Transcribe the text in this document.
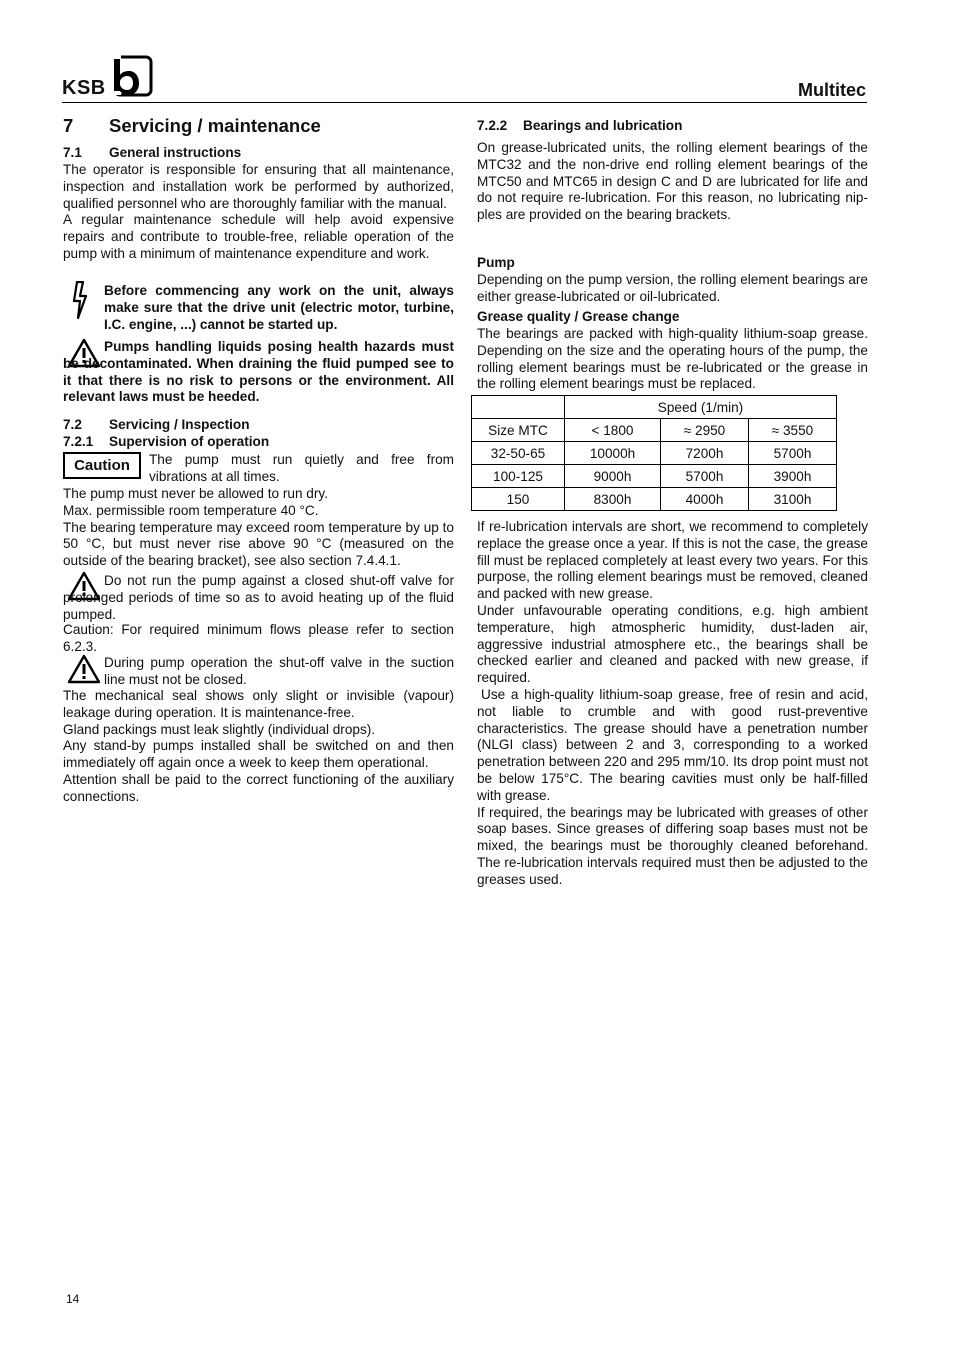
KSB	Multitec
7 Servicing / maintenance
7.1 General instructions

The operator is responsible for ensuring that all maintenance, inspection and installation work be performed by authorized, qualified personnel who are thoroughly familiar with the manual.

A regular maintenance schedule will help avoid expensive repairs and contribute to trouble-free, reliable operation of the pump with a minimum of maintenance expenditure and work.

Before commencing any work on the unit, always make sure that the drive unit (electric motor, turbine, I.C. engine, ...) cannot be started up.
Pumps handling liquids posing health hazards must be decontaminated. When draining the fluid pumped see to it that there is no risk to persons or the environment. All relevant laws must be heeded.
7.2 Servicing / Inspection
7.2.1 Supervision of operation
Caution	The pump must run quietly and free from vibrations at all times.

The pump must never be allowed to run dry.

Max. permissible room temperature 40 °C.

The bearing temperature may exceed room temperature by up to 50 °C, but must never rise above 90 °C (measured on the outside of the bearing bracket), see also section 7.4.4.1.

Do not run the pump against a closed shut-off valve for prolonged periods of time so as to avoid heating up of the fluid pumped.
Caution: For required minimum flows please refer to section 6.2.3.
During pump operation the shut-off valve in the suction line must not be closed.

The mechanical seal shows only slight or invisible (vapour) leakage during operation. It is maintenance-free.

Gland packings must leak slightly (individual drops).

Any stand-by pumps installed shall be switched on and then immediately off again once a week to keep them operational.

Attention shall be paid to the correct functioning of the auxiliary connections.

7.2.2 Bearings and lubrication
On grease-lubricated units, the rolling element bearings of the MTC32 and the non-drive end rolling element bearings of the MTC50 and MTC65 in design C and D are lubricated for life and do not require re-lubrication. For this reason, no lubricating nip-ples are provided on the bearing brackets.
Pump
Depending on the pump version, the rolling element bearings are either grease-lubricated or oil-lubricated.
Grease quality / Grease change
The bearings are packed with high-quality lithium-soap grease. Depending on the size and the operating hours of the pump, the rolling element bearings must be re-lubricated or the grease in the rolling element bearings must be replaced.
	Speed (1/min)		
Size MTC	< 1800	≈ 2950	≈ 3550
32-50-65	10000h	7200h	5700h
100-125	9000h	5700h	3900h
150	8300h	4000h	3100h

If re-lubrication intervals are short, we recommend to completely replace the grease once a year. If this is not the case, the grease fill must be replaced completely at least every two years. For this purpose, the rolling element bearings must be removed, cleaned and packed with new grease.

Under unfavourable operating conditions, e.g. high ambient temperature, high atmospheric humidity, dust-laden air, aggressive industrial atmosphere etc., the bearings shall be checked earlier and cleaned and packed with new grease, if required.

Use a high-quality lithium-soap grease, free of resin and acid, not liable to crumble and with good rust-preventive characteristics. The grease should have a penetration number (NLGI class) between 2 and 3, corresponding to a worked penetration between 220 and 295 mm/10. Its drop point must not be below 175°C. The bearing cavities must only be half-filled with grease.

If required, the bearings may be lubricated with greases of other soap bases. Since greases of differing soap bases must not be mixed, the bearings must be thoroughly cleaned beforehand. The re-lubrication intervals required must then be adjusted to the greases used.

14
